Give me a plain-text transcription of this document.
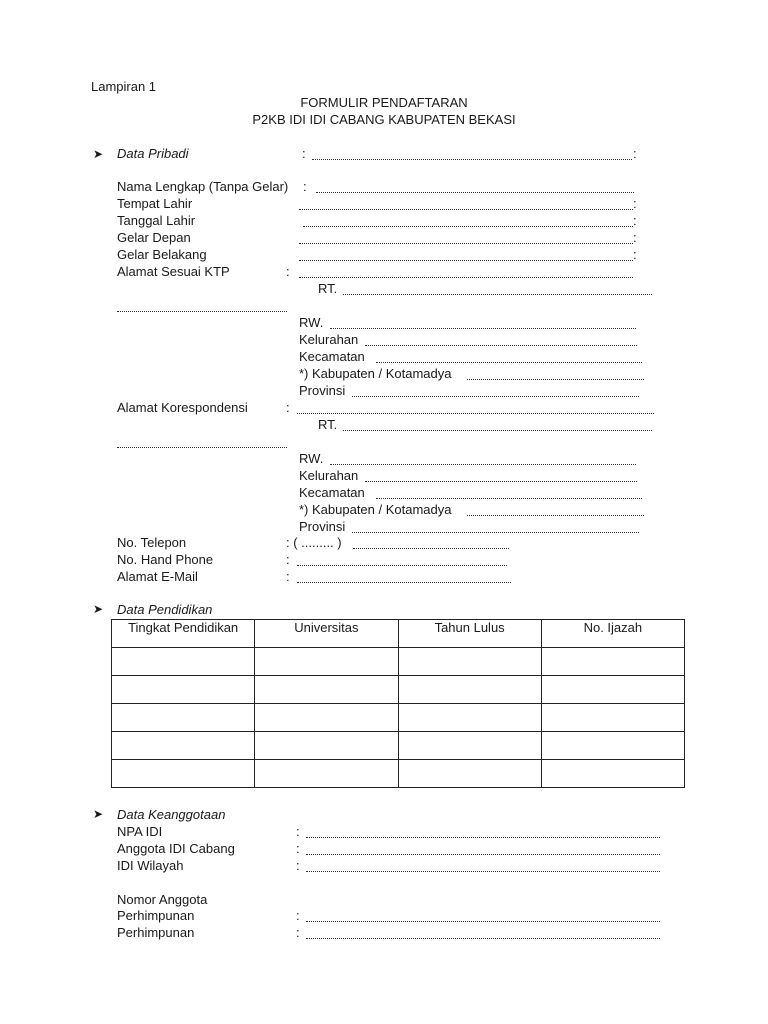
Lampiran 1
FORMULIR PENDAFTARAN
P2KB IDI IDI CABANG KABUPATEN BEKASI
➤ Data Pribadi	:	:
Nama Lengkap (Tanpa Gelar) :
Tempat Lahir	:
Tanggal Lahir	:
Gelar Depan	:
Gelar Belakang	:
Alamat Sesuai KTP	:
RT.
RW.
Kelurahan
Kecamatan
*) Kabupaten / Kotamadya
Provinsi
Alamat Korespondensi	:
RT.
RW.
Kelurahan
Kecamatan
*) Kabupaten / Kotamadya
Provinsi
No. Telepon	: ( ......... )
No. Hand Phone	:
Alamat E-Mail	:
➤ Data Pendidikan
Tingkat Pendidikan	Universitas	Tahun Lulus	No. Ijazah

➤ Data Keanggotaan
NPA IDI	:
Anggota IDI Cabang	:
IDI Wilayah	:
Nomor Anggota
Perhimpunan	:
Perhimpunan	:
